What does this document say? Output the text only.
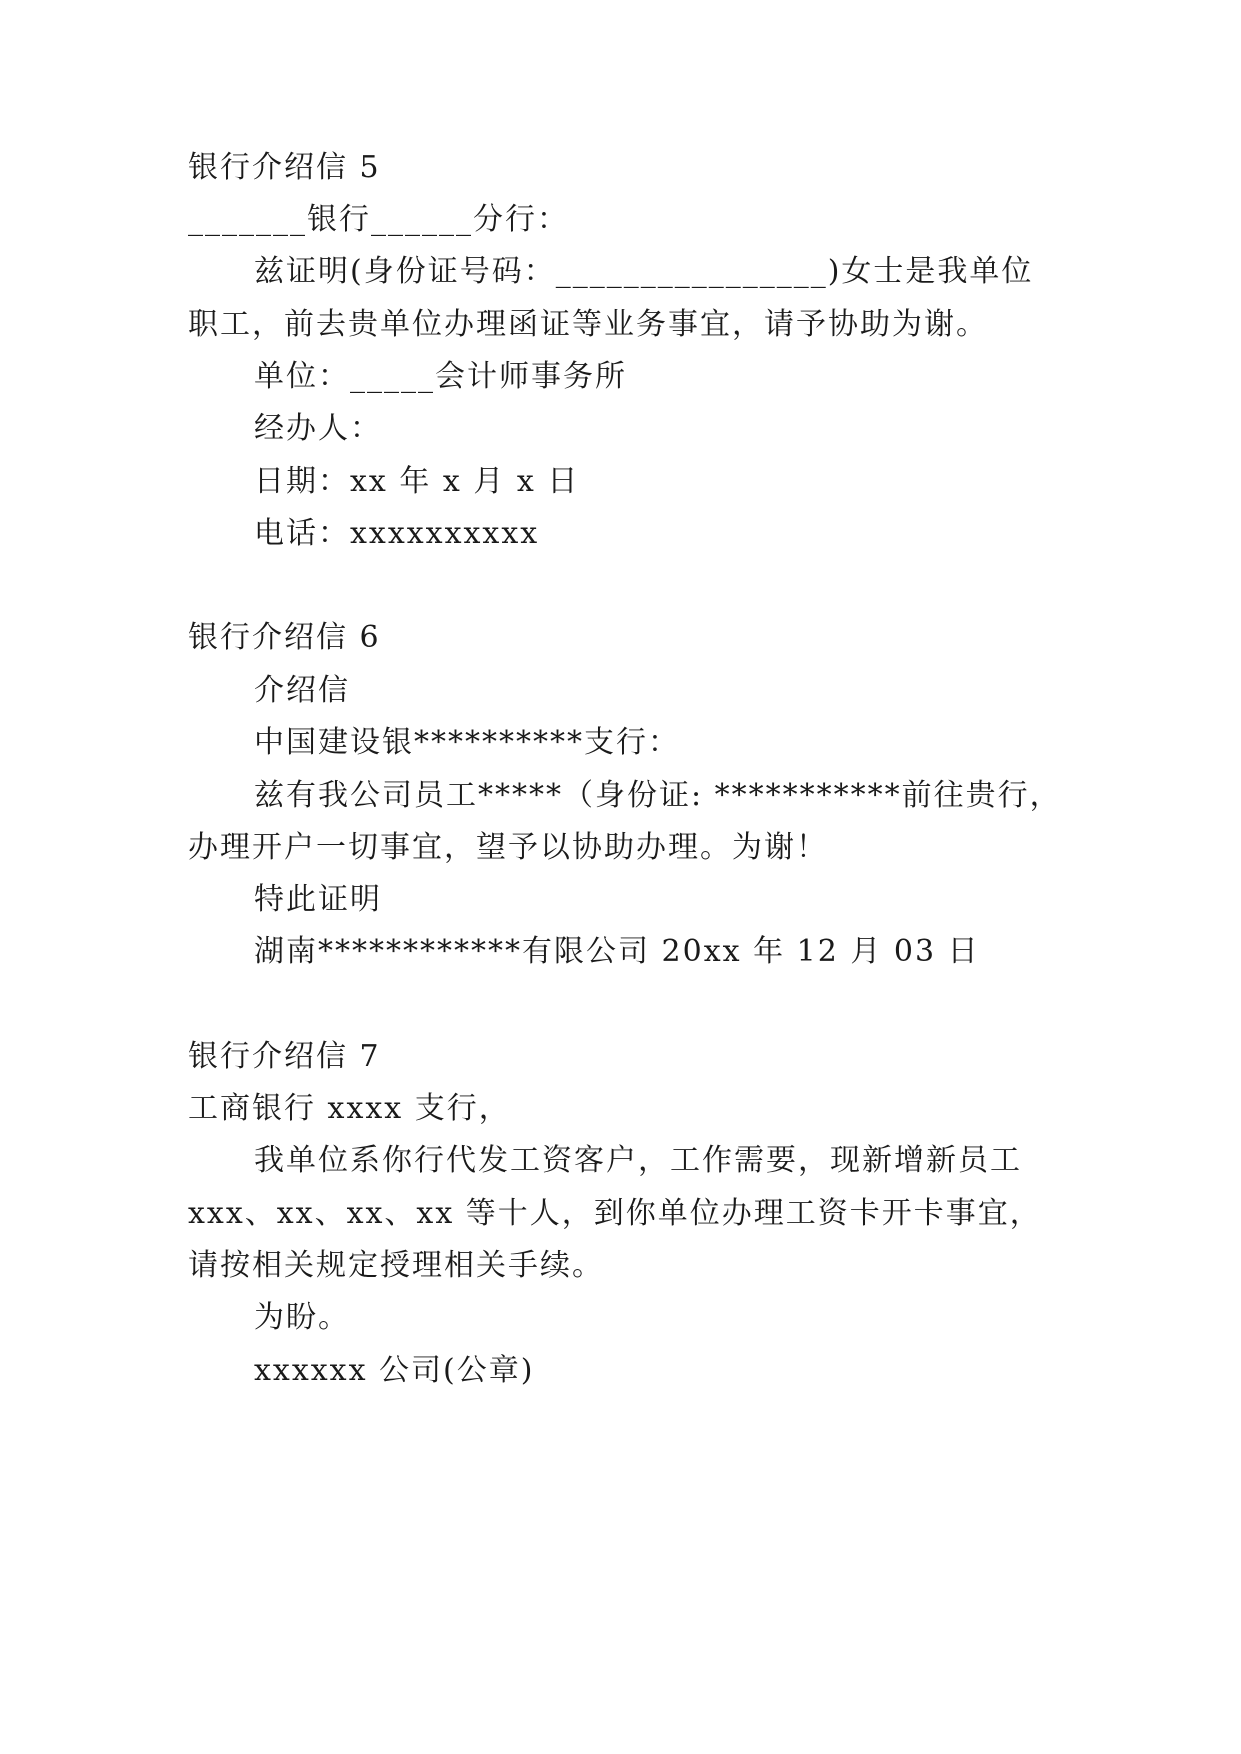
银行介绍信 5
_______银行______分行：
兹证明(身份证号码：________________)女士是我单位
职工，前去贵单位办理函证等业务事宜，请予协助为谢。
单位：_____会计师事务所
经办人：
日期：xx 年 x 月 x 日
电话：xxxxxxxxxx
银行介绍信 6
介绍信
中国建设银**********支行：
兹有我公司员工*****（身份证: ***********前往贵行，
办理开户一切事宜，望予以协助办理。为谢！
特此证明
湖南************有限公司 20xx 年 12 月 03 日
银行介绍信 7
工商银行 xxxx 支行，
我单位系你行代发工资客户，工作需要，现新增新员工
xxx、xx、xx、xx 等十人，到你单位办理工资卡开卡事宜，
请按相关规定授理相关手续。
为盼。
xxxxxx 公司(公章)
